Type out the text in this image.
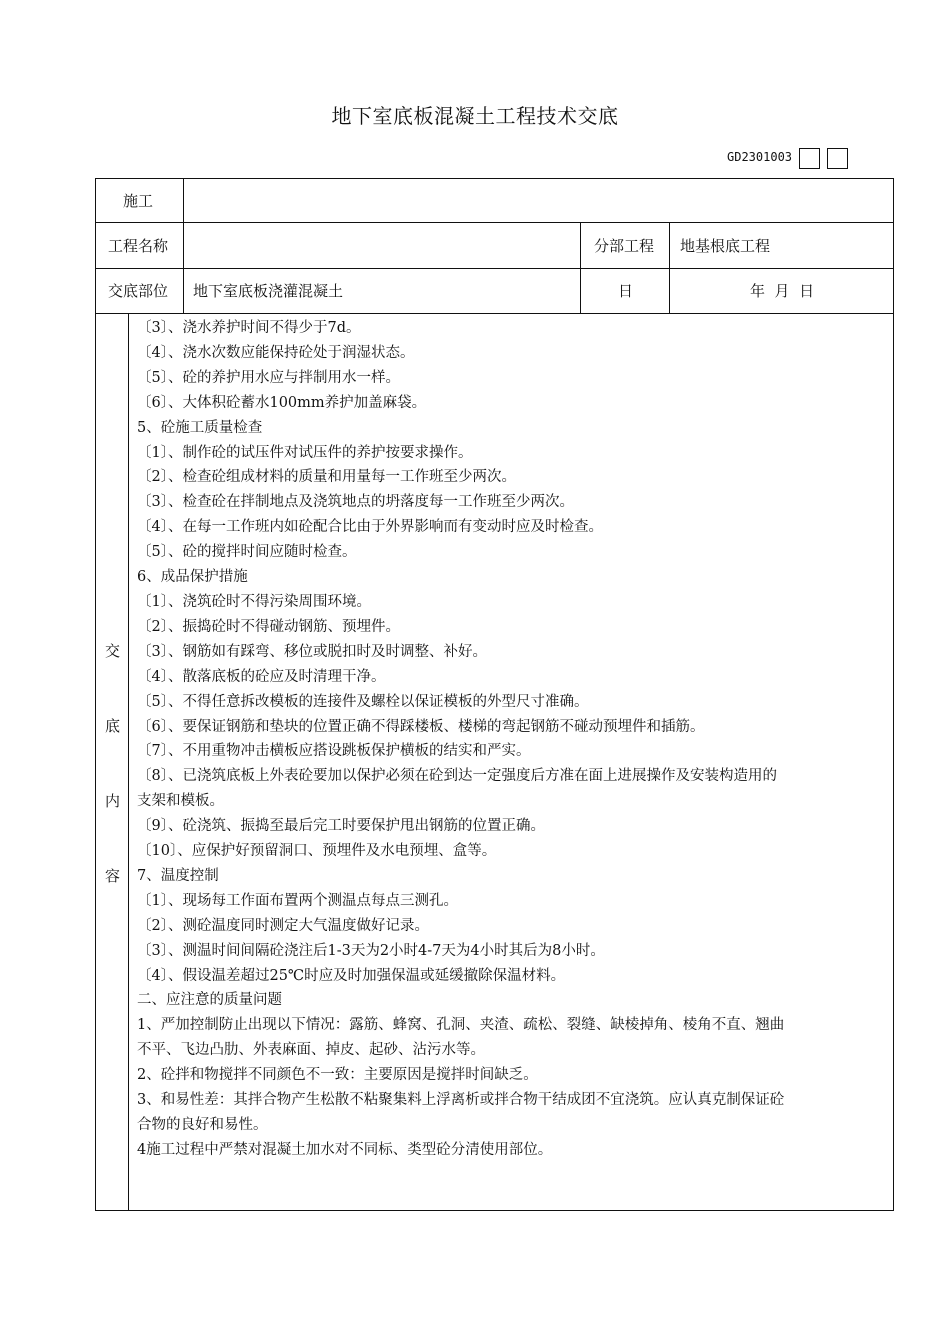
地下室底板混凝土工程技术交底
GD2301003
施工
工程名称	分部工程 地基根底工程
交底部位 地下室底板浇灌混凝土	日	年  月  日
交
底
内
容
〔3〕、浇水养护时间不得少于7d。
〔4〕、浇水次数应能保持砼处于润湿状态。
〔5〕、砼的养护用水应与拌制用水一样。
〔6〕、大体积砼蓄水100mm养护加盖麻袋。
5、砼施工质量检查
〔1〕、制作砼的试压件对试压件的养护按要求操作。
〔2〕、检查砼组成材料的质量和用量每一工作班至少两次。
〔3〕、检查砼在拌制地点及浇筑地点的坍落度每一工作班至少两次。
〔4〕、在每一工作班内如砼配合比由于外界影响而有变动时应及时检查。
〔5〕、砼的搅拌时间应随时检查。
6、成品保护措施
〔1〕、浇筑砼时不得污染周围环境。
〔2〕、振捣砼时不得碰动钢筋、预埋件。
〔3〕、钢筋如有踩弯、移位或脱扣时及时调整、补好。
〔4〕、散落底板的砼应及时清理干净。
〔5〕、不得任意拆改模板的连接件及螺栓以保证模板的外型尺寸准确。
〔6〕、要保证钢筋和垫块的位置正确不得踩楼板、楼梯的弯起钢筋不碰动预埋件和插筋。
〔7〕、不用重物冲击横板应搭设跳板保护横板的结实和严实。
〔8〕、已浇筑底板上外表砼要加以保护必须在砼到达一定强度后方准在面上进展操作及安装构造用的
支架和模板。
〔9〕、砼浇筑、振捣至最后完工时要保护甩出钢筋的位置正确。
〔10〕、应保护好预留洞口、预埋件及水电预埋、盒等。
7、温度控制
〔1〕、现场每工作面布置两个测温点每点三测孔。
〔2〕、测砼温度同时测定大气温度做好记录。
〔3〕、测温时间间隔砼浇注后1-3天为2小时4-7天为4小时其后为8小时。
〔4〕、假设温差超过25℃时应及时加强保温或延缓撤除保温材料。
二、应注意的质量问题
1、严加控制防止出现以下情况：露筋、蜂窝、孔洞、夹渣、疏松、裂缝、缺棱掉角、棱角不直、翘曲
不平、飞边凸肋、外表麻面、掉皮、起砂、沾污水等。
2、砼拌和物搅拌不同颜色不一致：主要原因是搅拌时间缺乏。
3、和易性差：其拌合物产生松散不粘聚集料上浮离析或拌合物干结成团不宜浇筑。应认真克制保证砼
合物的良好和易性。
4施工过程中严禁对混凝土加水对不同标、类型砼分清使用部位。
